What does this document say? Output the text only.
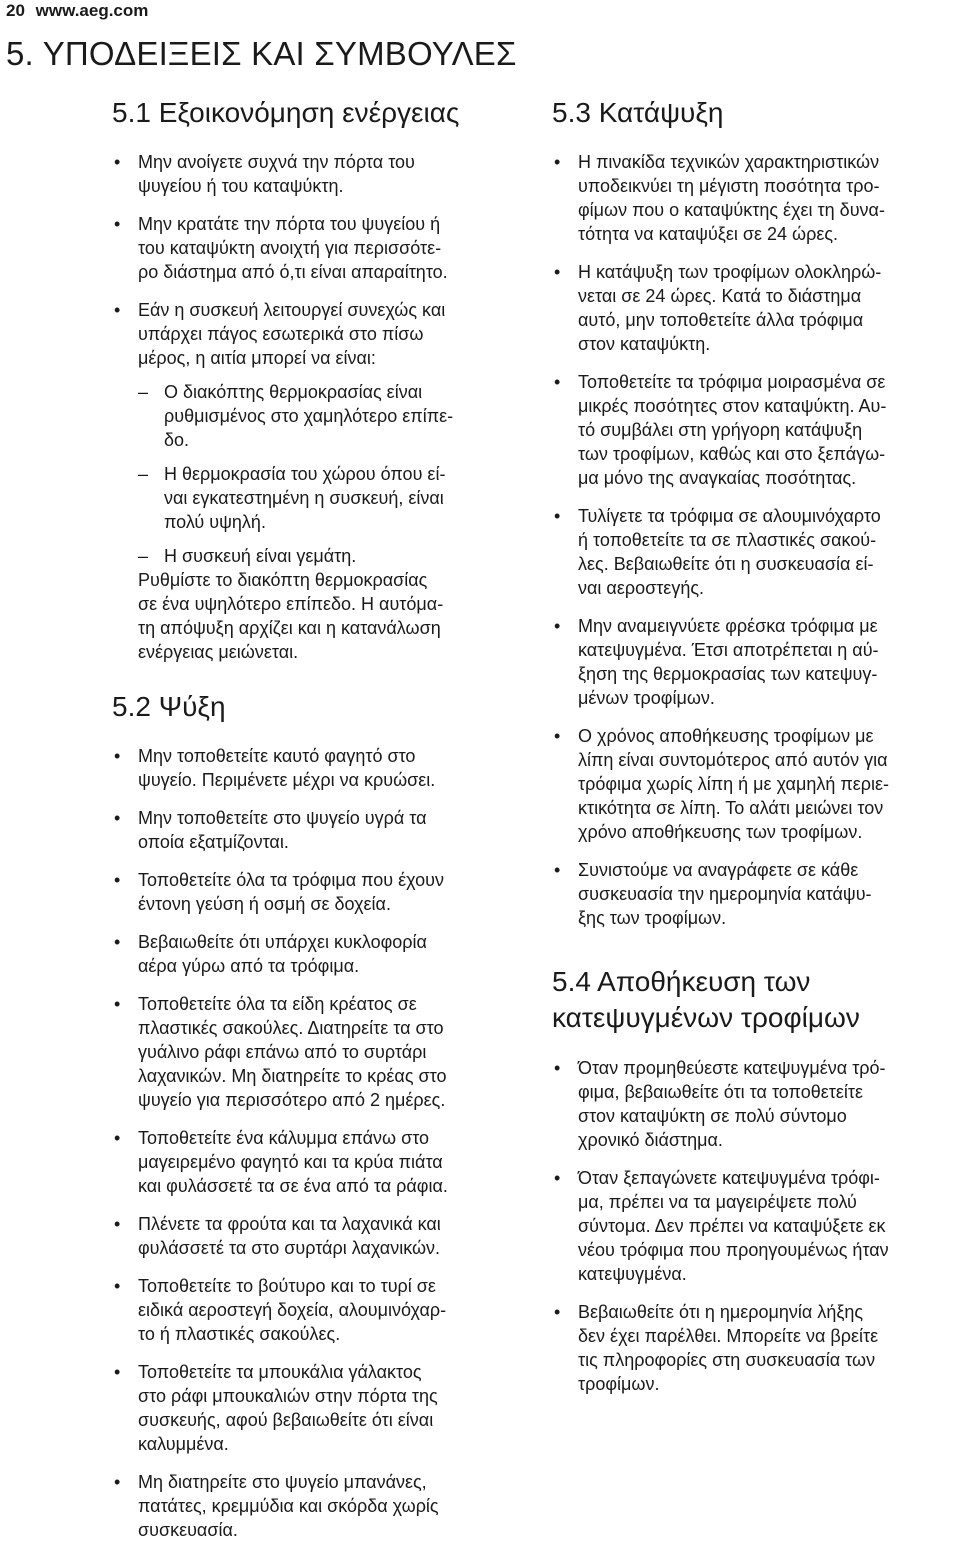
20 www.aeg.com
5. ΥΠΟΔΕΙΞΕΙΣ ΚΑΙ ΣΥΜΒΟΥΛΕΣ
5.1 Εξοικονόμηση ενέργειας
• Μην ανοίγετε συχνά την πόρτα του
ψυγείου ή του καταψύκτη.
• Μην κρατάτε την πόρτα του ψυγείου ή
του καταψύκτη ανοιχτή για περισσότε-
ρο διάστημα από ό,τι είναι απαραίτητο.
• Εάν η συσκευή λειτουργεί συνεχώς και
υπάρχει πάγος εσωτερικά στο πίσω
μέρος, η αιτία μπορεί να είναι:
– Ο διακόπτης θερμοκρασίας είναι
ρυθμισμένος στο χαμηλότερο επίπε-
δο.
– Η θερμοκρασία του χώρου όπου εί-
ναι εγκατεστημένη η συσκευή, είναι
πολύ υψηλή.
– Η συσκευή είναι γεμάτη.
Ρυθμίστε το διακόπτη θερμοκρασίας
σε ένα υψηλότερο επίπεδο. Η αυτόμα-
τη απόψυξη αρχίζει και η κατανάλωση
ενέργειας μειώνεται.
5.2 Ψύξη
• Μην τοποθετείτε καυτό φαγητό στο
ψυγείο. Περιμένετε μέχρι να κρυώσει.
• Μην τοποθετείτε στο ψυγείο υγρά τα
οποία εξατμίζονται.
• Τοποθετείτε όλα τα τρόφιμα που έχουν
έντονη γεύση ή οσμή σε δοχεία.
• Βεβαιωθείτε ότι υπάρχει κυκλοφορία
αέρα γύρω από τα τρόφιμα.
• Τοποθετείτε όλα τα είδη κρέατος σε
πλαστικές σακούλες. Διατηρείτε τα στο
γυάλινο ράφι επάνω από το συρτάρι
λαχανικών. Μη διατηρείτε το κρέας στο
ψυγείο για περισσότερο από 2 ημέρες.
• Τοποθετείτε ένα κάλυμμα επάνω στο
μαγειρεμένο φαγητό και τα κρύα πιάτα
και φυλάσσετέ τα σε ένα από τα ράφια.
• Πλένετε τα φρούτα και τα λαχανικά και
φυλάσσετέ τα στο συρτάρι λαχανικών.
• Τοποθετείτε το βούτυρο και το τυρί σε
ειδικά αεροστεγή δοχεία, αλουμινόχαρ-
το ή πλαστικές σακούλες.
• Τοποθετείτε τα μπουκάλια γάλακτος
στο ράφι μπουκαλιών στην πόρτα της
συσκευής, αφού βεβαιωθείτε ότι είναι
καλυμμένα.
• Μη διατηρείτε στο ψυγείο μπανάνες,
πατάτες, κρεμμύδια και σκόρδα χωρίς
συσκευασία.
5.3 Κατάψυξη
• Η πινακίδα τεχνικών χαρακτηριστικών
υποδεικνύει τη μέγιστη ποσότητα τρο-
φίμων που ο καταψύκτης έχει τη δυνα-
τότητα να καταψύξει σε 24 ώρες.
• Η κατάψυξη των τροφίμων ολοκληρώ-
νεται σε 24 ώρες. Κατά το διάστημα
αυτό, μην τοποθετείτε άλλα τρόφιμα
στον καταψύκτη.
• Τοποθετείτε τα τρόφιμα μοιρασμένα σε
μικρές ποσότητες στον καταψύκτη. Αυ-
τό συμβάλει στη γρήγορη κατάψυξη
των τροφίμων, καθώς και στο ξεπάγω-
μα μόνο της αναγκαίας ποσότητας.
• Τυλίγετε τα τρόφιμα σε αλουμινόχαρτο
ή τοποθετείτε τα σε πλαστικές σακού-
λες. Βεβαιωθείτε ότι η συσκευασία εί-
ναι αεροστεγής.
• Μην αναμειγνύετε φρέσκα τρόφιμα με
κατεψυγμένα. Έτσι αποτρέπεται η αύ-
ξηση της θερμοκρασίας των κατεψυγ-
μένων τροφίμων.
• Ο χρόνος αποθήκευσης τροφίμων με
λίπη είναι συντομότερος από αυτόν για
τρόφιμα χωρίς λίπη ή με χαμηλή περιε-
κτικότητα σε λίπη. Το αλάτι μειώνει τον
χρόνο αποθήκευσης των τροφίμων.
• Συνιστούμε να αναγράφετε σε κάθε
συσκευασία την ημερομηνία κατάψυ-
ξης των τροφίμων.
5.4 Αποθήκευση των
κατεψυγμένων τροφίμων
• Όταν προμηθεύεστε κατεψυγμένα τρό-
φιμα, βεβαιωθείτε ότι τα τοποθετείτε
στον καταψύκτη σε πολύ σύντομο
χρονικό διάστημα.
• Όταν ξεπαγώνετε κατεψυγμένα τρόφι-
μα, πρέπει να τα μαγειρέψετε πολύ
σύντομα. Δεν πρέπει να καταψύξετε εκ
νέου τρόφιμα που προηγουμένως ήταν
κατεψυγμένα.
• Βεβαιωθείτε ότι η ημερομηνία λήξης
δεν έχει παρέλθει. Μπορείτε να βρείτε
τις πληροφορίες στη συσκευασία των
τροφίμων.
